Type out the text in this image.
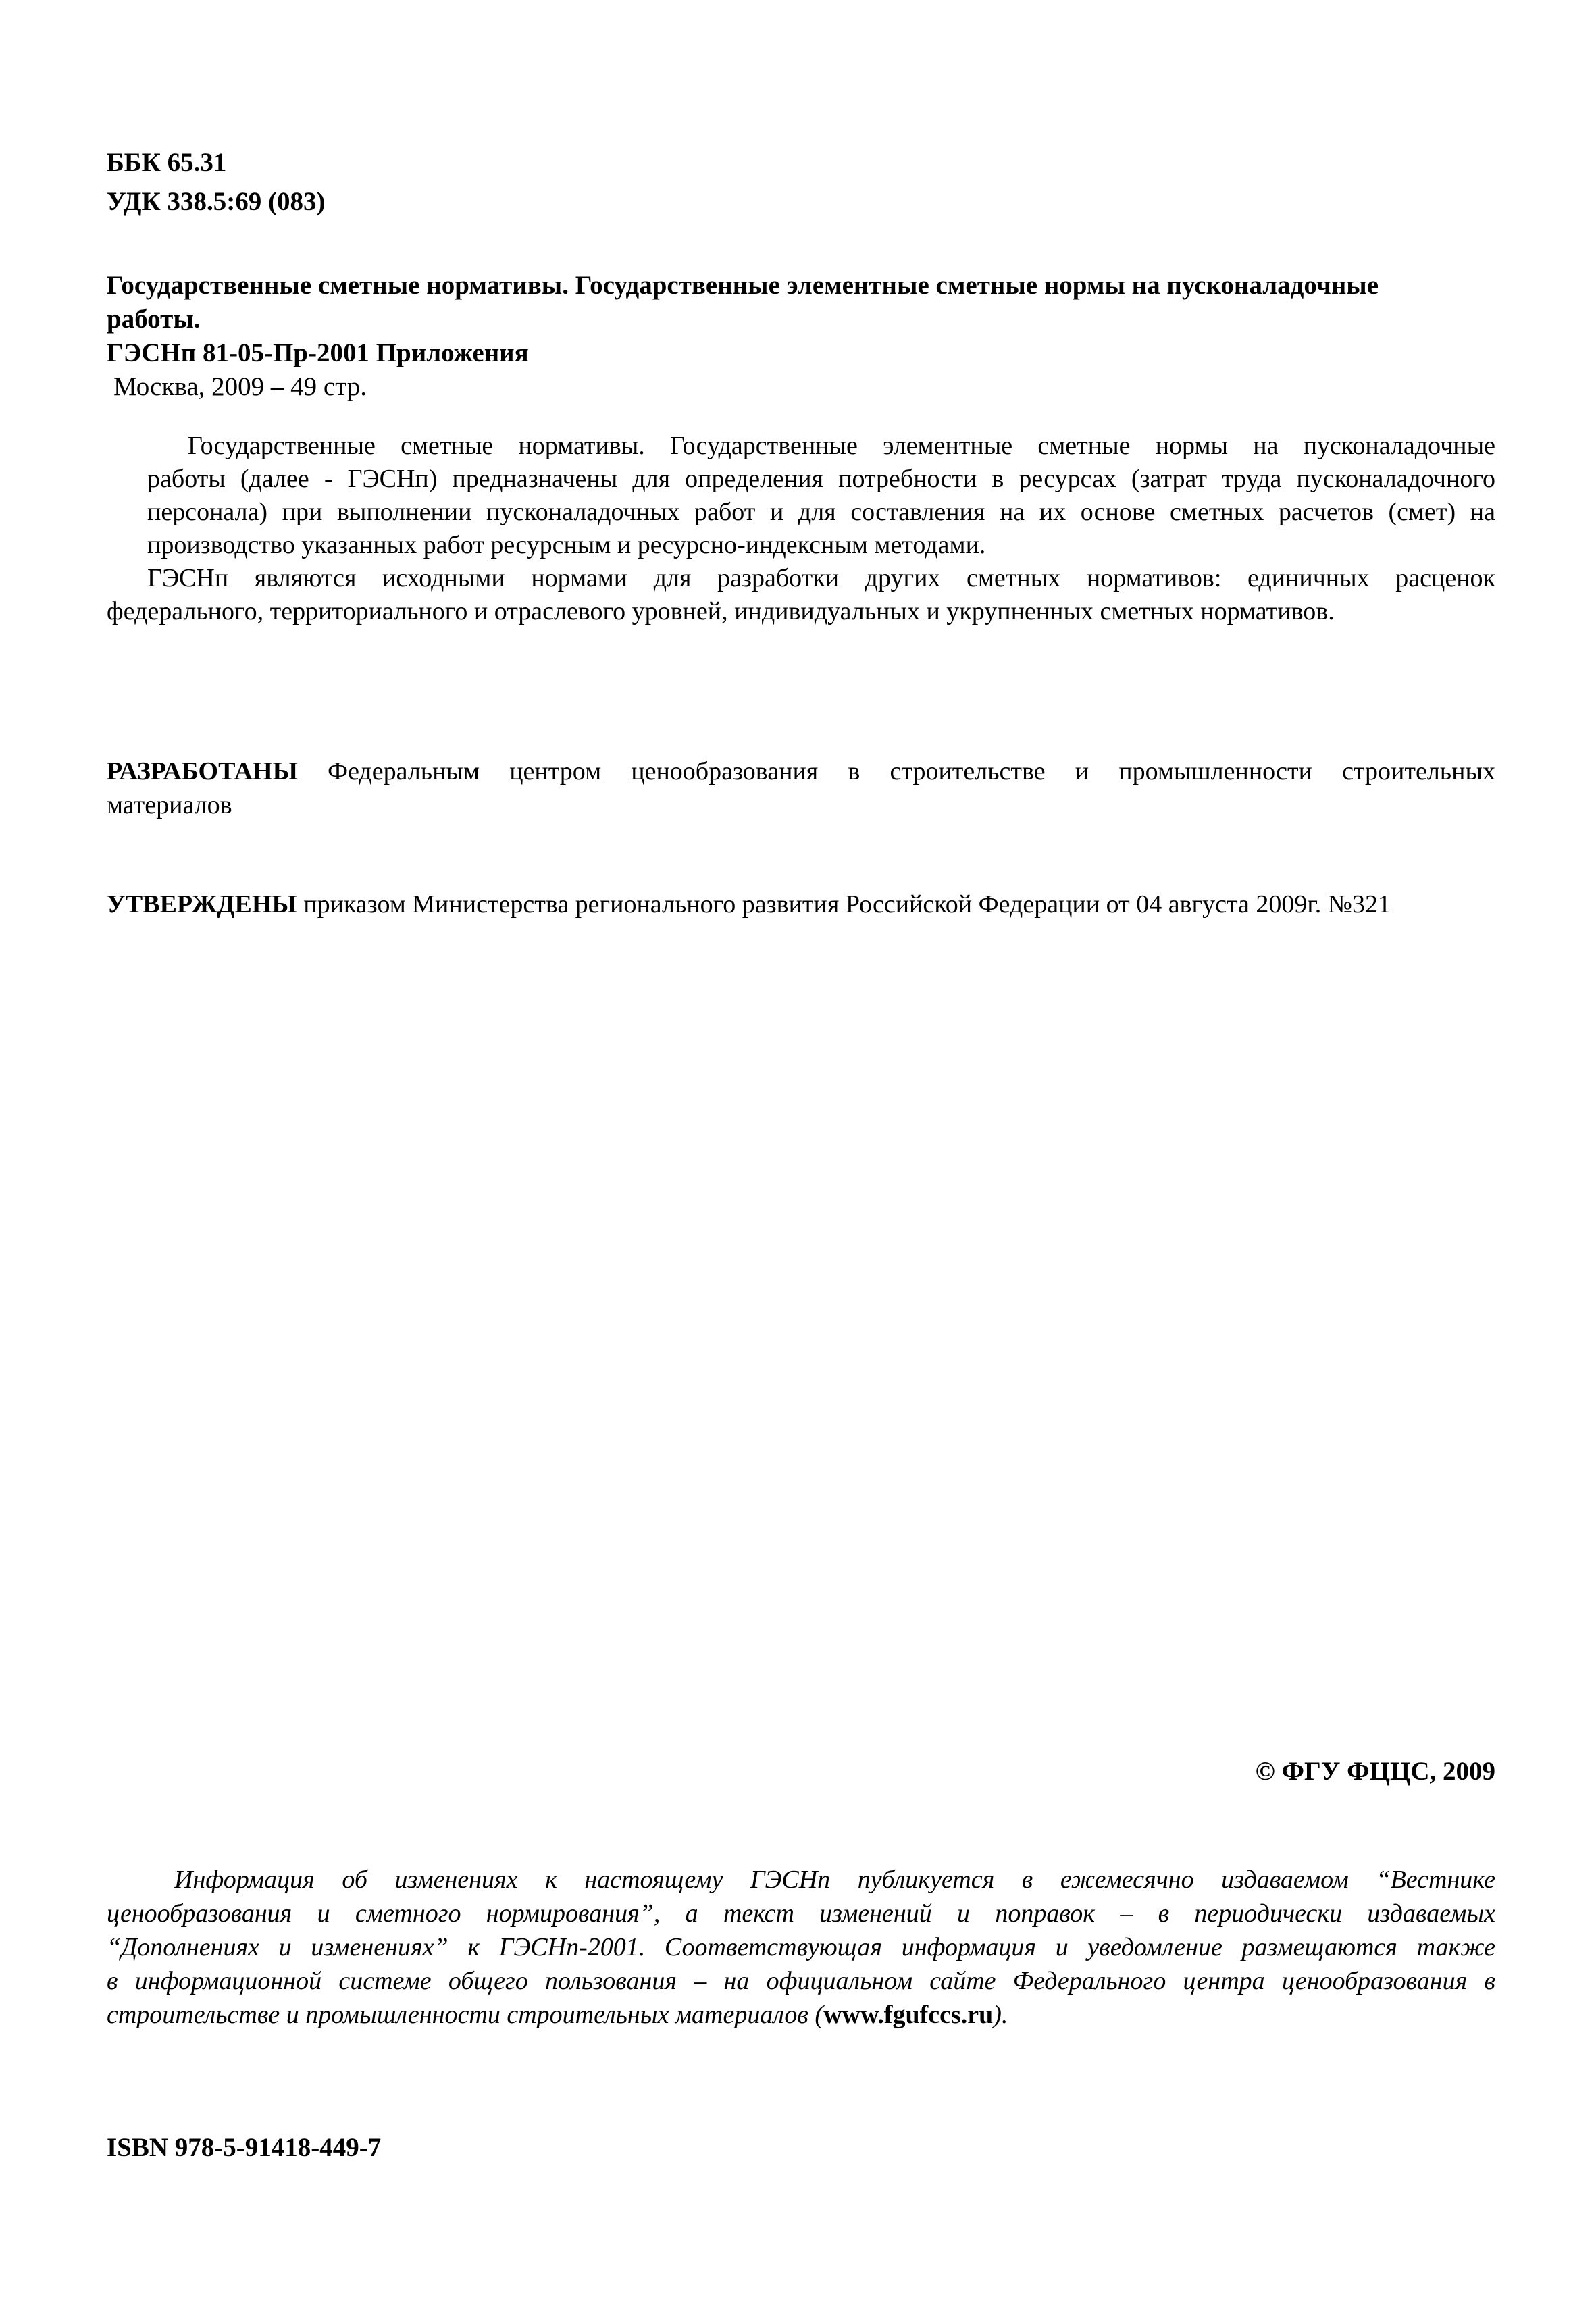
ББК 65.31
УДК 338.5:69 (083)
Государственные сметные нормативы. Государственные элементные сметные нормы на пусконаладочные
работы.
ГЭСНп 81-05-Пр-2001 Приложения
Москва, 2009 – 49 стр.
Государственные сметные нормативы. Государственные элементные сметные нормы на пусконаладочные
работы (далее - ГЭСНп) предназначены для определения потребности в ресурсах (затрат труда пусконаладочного
персонала) при выполнении пусконаладочных работ и для составления на их основе сметных расчетов (смет) на
производство указанных работ ресурсным и ресурсно-индексным методами.
ГЭСНп являются исходными нормами для разработки других сметных нормативов: единичных расценок
федерального, территориального и отраслевого уровней, индивидуальных и укрупненных сметных нормативов.
РАЗРАБОТАНЫ Федеральным центром ценообразования в строительстве и промышленности строительных
материалов
УТВЕРЖДЕНЫ приказом Министерства регионального развития Российской Федерации от 04 августа 2009г. №321
© ФГУ ФЦЦС, 2009
Информация об изменениях к настоящему ГЭСНп публикуется в ежемесячно издаваемом “Вестнике
ценообразования и сметного нормирования”, а текст изменений и поправок – в периодически издаваемых
“Дополнениях и изменениях” к ГЭСНп-2001. Соответствующая информация и уведомление размещаются также
в информационной системе общего пользования – на официальном сайте Федерального центра ценообразования в
строительстве и промышленности строительных материалов (www.fgufccs.ru).
ISBN 978-5-91418-449-7
